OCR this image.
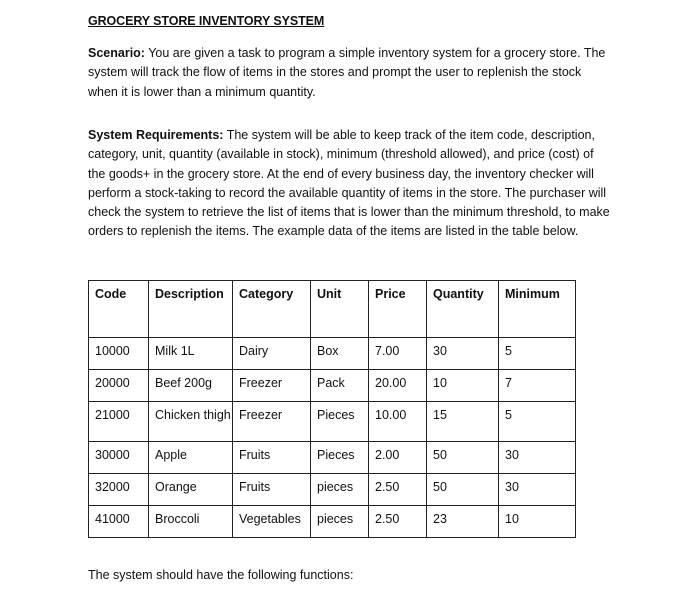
GROCERY STORE INVENTORY SYSTEM

Scenario: You are given a task to program a simple inventory system for a grocery store. The system will track the flow of items in the stores and prompt the user to replenish the stock when it is lower than a minimum quantity.

System Requirements: The system will be able to keep track of the item code, description, category, unit, quantity (available in stock), minimum (threshold allowed), and price (cost) of the goods+ in the grocery store. At the end of every business day, the inventory checker will perform a stock-taking to record the available quantity of items in the store. The purchaser will check the system to retrieve the list of items that is lower than the minimum threshold, to make orders to replenish the items. The example data of the items are listed in the table below.

Code	Description	Category	Unit	Price	Quantity	Minimum
10000	Milk 1L	Dairy	Box	7.00	30	5
20000	Beef 200g	Freezer	Pack	20.00	10	7
21000	Chicken thigh	Freezer	Pieces	10.00	15	5
30000	Apple	Fruits	Pieces	2.00	50	30
32000	Orange	Fruits	pieces	2.50	50	30
41000	Broccoli	Vegetables	pieces	2.50	23	10

The system should have the following functions:
